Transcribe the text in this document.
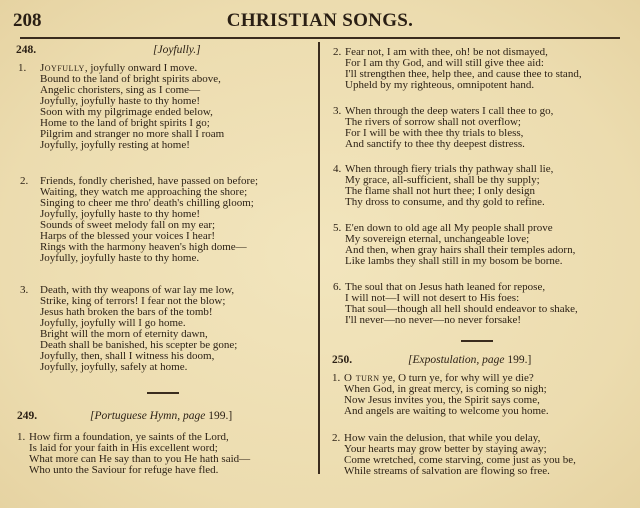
208	CHRISTIAN SONGS.
248.	[Joyfully.]
249.	[Portuguese Hymn, page 199.]
250.	[Expostulation, page 199.]
1. Joyfully, joyfully onward I move.
Bound to the land of bright spirits above,
Angelic choristers, sing as I come—
Joyfully, joyfully haste to thy home!
Soon with my pilgrimage ended below,
Home to the land of bright spirits I go;
Pilgrim and stranger no more shall I roam
Joyfully, joyfully resting at home!
2. Friends, fondly cherished, have passed on before;
Waiting, they watch me approaching the shore;
Singing to cheer me thro' death's chilling gloom;
Joyfully, joyfully haste to thy home!
Sounds of sweet melody fall on my ear;
Harps of the blessed your voices I hear!
Rings with the harmony heaven's high dome—
Joyfully, joyfully haste to thy home.
3. Death, with thy weapons of war lay me low,
Strike, king of terrors! I fear not the blow;
Jesus hath broken the bars of the tomb!
Joyfully, joyfully will I go home.
Bright will the morn of eternity dawn,
Death shall be banished, his scepter be gone;
Joyfully, then, shall I witness his doom,
Joyfully, joyfully, safely at home.
1. How firm a foundation, ye saints of the Lord,
Is laid for your faith in His excellent word;
What more can He say than to you He hath said—
Who unto the Saviour for refuge have fled.
2. Fear not, I am with thee, oh! be not dismayed,
For I am thy God, and will still give thee aid:
I'll strengthen thee, help thee, and cause thee to stand,
Upheld by my righteous, omnipotent hand.
3. When through the deep waters I call thee to go,
The rivers of sorrow shall not overflow;
For I will be with thee thy trials to bless,
And sanctify to thee thy deepest distress.
4. When through fiery trials thy pathway shall lie,
My grace, all-sufficient, shall be thy supply;
The flame shall not hurt thee; I only design
Thy dross to consume, and thy gold to refine.
5. E'en down to old age all My people shall prove
My sovereign eternal, unchangeable love;
And then, when gray hairs shall their temples adorn,
Like lambs they shall still in my bosom be borne.
6. The soul that on Jesus hath leaned for repose,
I will not—I will not desert to His foes:
That soul—though all hell should endeavor to shake,
I'll never—no never—no never forsake!
1. O turn ye, O turn ye, for why will ye die?
When God, in great mercy, is coming so nigh;
Now Jesus invites you, the Spirit says come,
And angels are waiting to welcome you home.
2. How vain the delusion, that while you delay,
Your hearts may grow better by staying away;
Come wretched, come starving, come just as you be,
While streams of salvation are flowing so free.
